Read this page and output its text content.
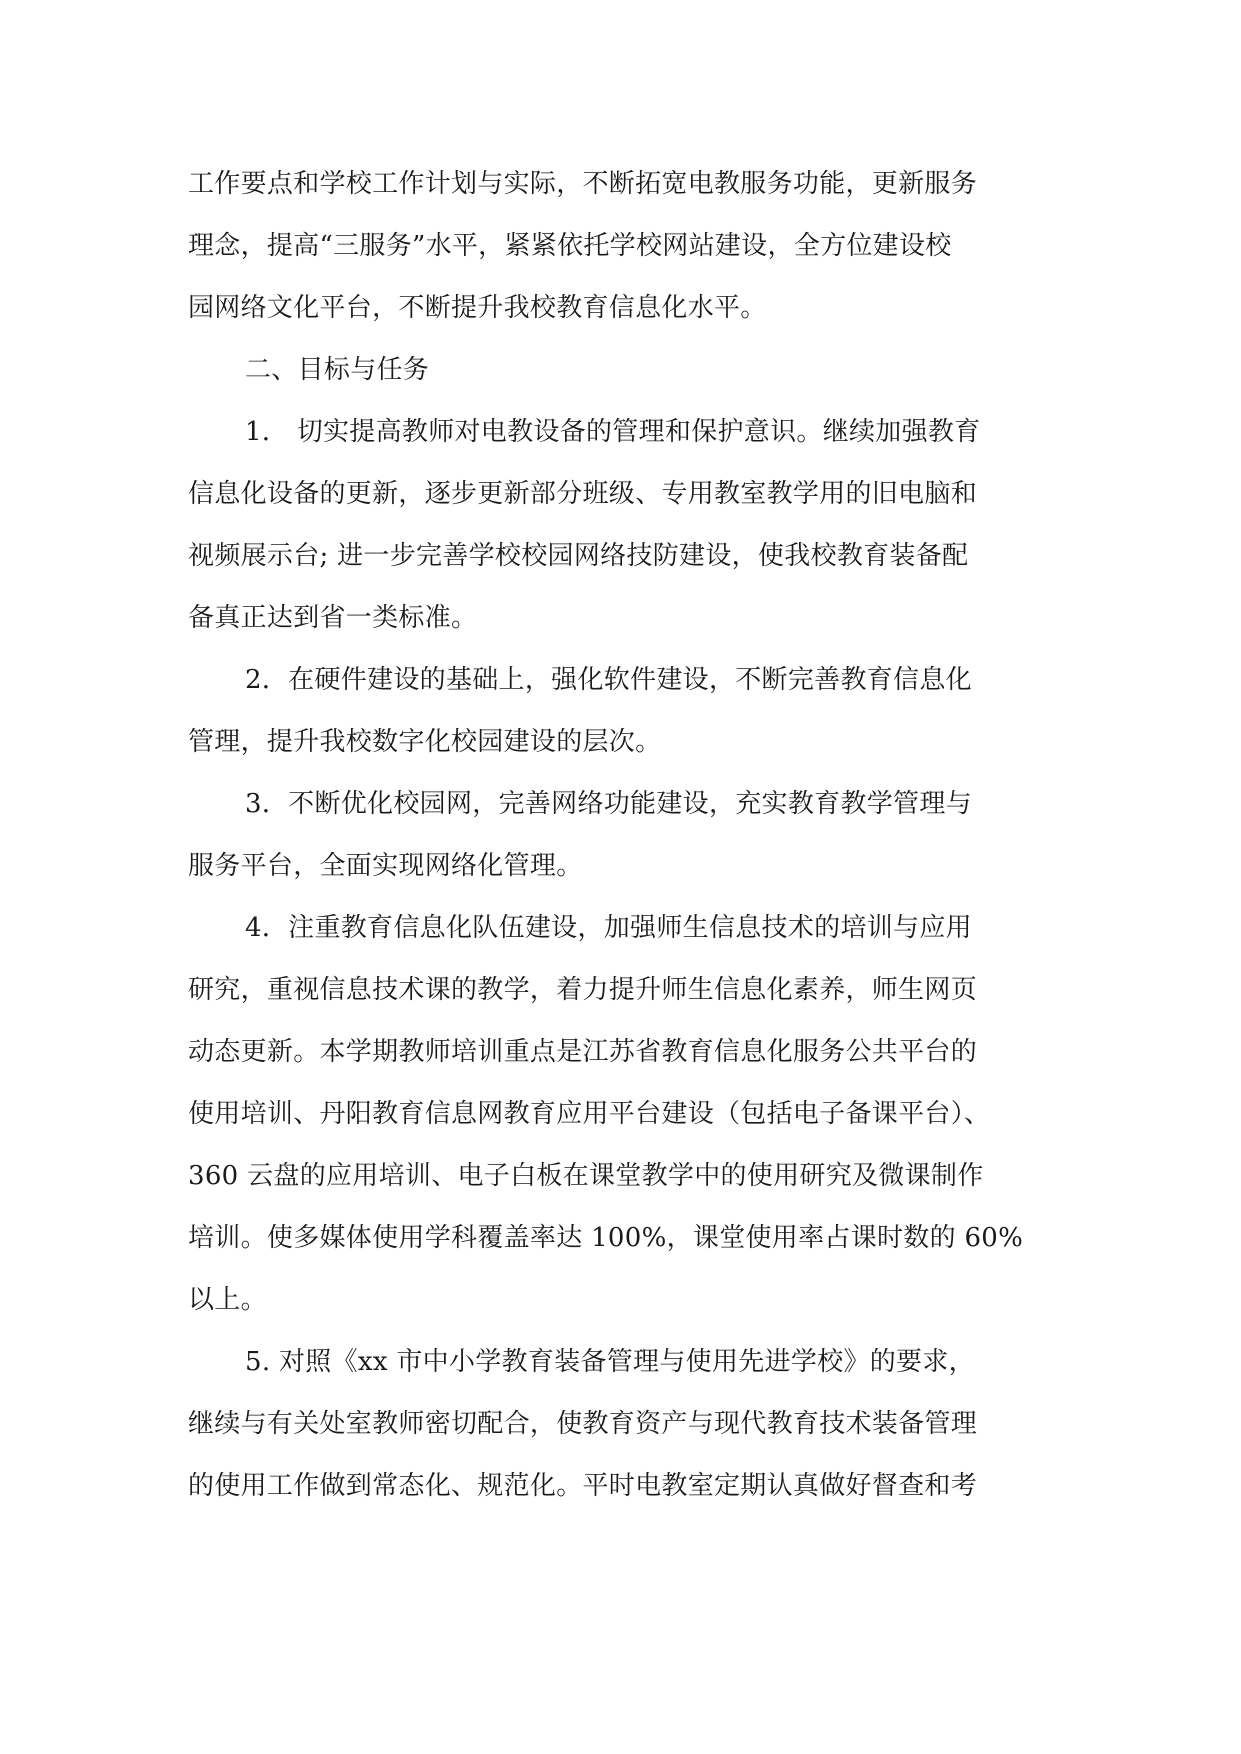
工作要点和学校工作计划与实际，不断拓宽电教服务功能，更新服务
理念，提高“三服务”水平，紧紧依托学校网站建设，全方位建设校
园网络文化平台，不断提升我校教育信息化水平。
二、目标与任务
1． 切实提高教师对电教设备的管理和保护意识。继续加强教育
信息化设备的更新，逐步更新部分班级、专用教室教学用的旧电脑和
视频展示台; 进一步完善学校校园网络技防建设，使我校教育装备配
备真正达到省一类标准。
2．在硬件建设的基础上，强化软件建设，不断完善教育信息化
管理，提升我校数字化校园建设的层次。
3．不断优化校园网，完善网络功能建设，充实教育教学管理与
服务平台，全面实现网络化管理。
4．注重教育信息化队伍建设，加强师生信息技术的培训与应用
研究，重视信息技术课的教学，着力提升师生信息化素养，师生网页
动态更新。本学期教师培训重点是江苏省教育信息化服务公共平台的
使用培训、丹阳教育信息网教育应用平台建设（包括电子备课平台）、
360 云盘的应用培训、电子白板在课堂教学中的使用研究及微课制作
培训。使多媒体使用学科覆盖率达 100%，课堂使用率占课时数的 60%
以上。
5. 对照《xx 市中小学教育装备管理与使用先进学校》的要求，
继续与有关处室教师密切配合，使教育资产与现代教育技术装备管理
的使用工作做到常态化、规范化。平时电教室定期认真做好督查和考
